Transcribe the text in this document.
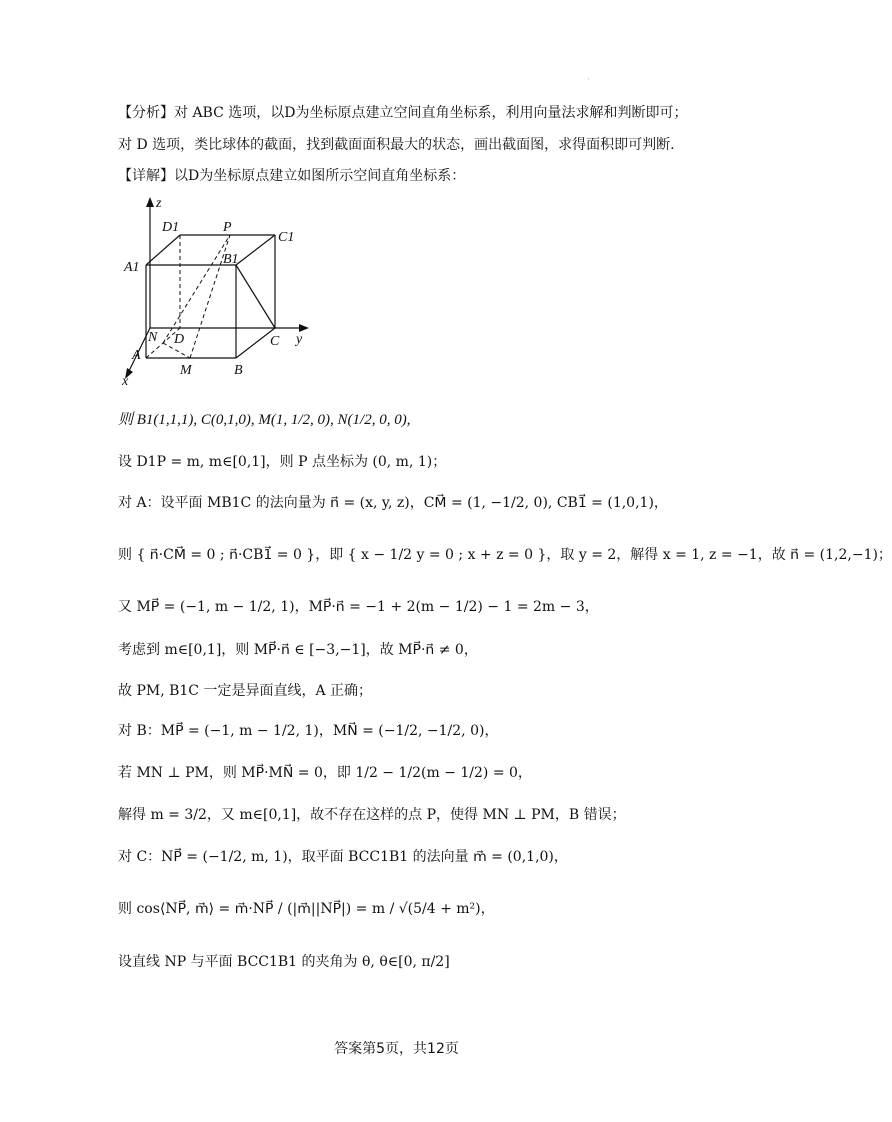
'
【分析】对 ABC 选项，以D为坐标原点建立空间直角坐标系，利用向量法求解和判断即可；
对 D 选项，类比球体的截面，找到截面面积最大的状态，画出截面图，求得面积即可判断.
【详解】以D为坐标原点建立如图所示空间直角坐标系：
z
D1	P
C1
A1
B1
N D	C y
A
M	B
x
则 B1(1,1,1), C(0,1,0), M(1, 1/2, 0), N(1/2, 0, 0),
设 D1P = m, m∈[0,1]，则 P 点坐标为 (0, m, 1)；
对 A：设平面 MB1C 的法向量为 n⃗ = (x, y, z)，CM⃗ = (1, −1/2, 0), CB1⃗ = (1,0,1)，
则 { n⃗·CM⃗ = 0 ; n⃗·CB1⃗ = 0 }，即 { x − 1/2 y = 0 ; x + z = 0 }，取 y = 2，解得 x = 1, z = −1，故 n⃗ = (1,2,−1)；
又 MP⃗ = (−1, m − 1/2, 1)，MP⃗·n⃗ = −1 + 2(m − 1/2) − 1 = 2m − 3，
考虑到 m∈[0,1]，则 MP⃗·n⃗ ∈ [−3,−1]，故 MP⃗·n⃗ ≠ 0，
故 PM, B1C 一定是异面直线，A 正确；
对 B：MP⃗ = (−1, m − 1/2, 1)，MN⃗ = (−1/2, −1/2, 0)，
若 MN ⊥ PM，则 MP⃗·MN⃗ = 0，即 1/2 − 1/2(m − 1/2) = 0，
解得 m = 3/2，又 m∈[0,1]，故不存在这样的点 P，使得 MN ⊥ PM，B 错误；
对 C：NP⃗ = (−1/2, m, 1)，取平面 BCC1B1 的法向量 m⃗ = (0,1,0)，
则 cos⟨NP⃗, m⃗⟩ = m⃗·NP⃗ / (|m⃗||NP⃗|) = m / √(5/4 + m²)，
设直线 NP 与平面 BCC1B1 的夹角为 θ, θ∈[0, π/2]
答案第5页，共12页
